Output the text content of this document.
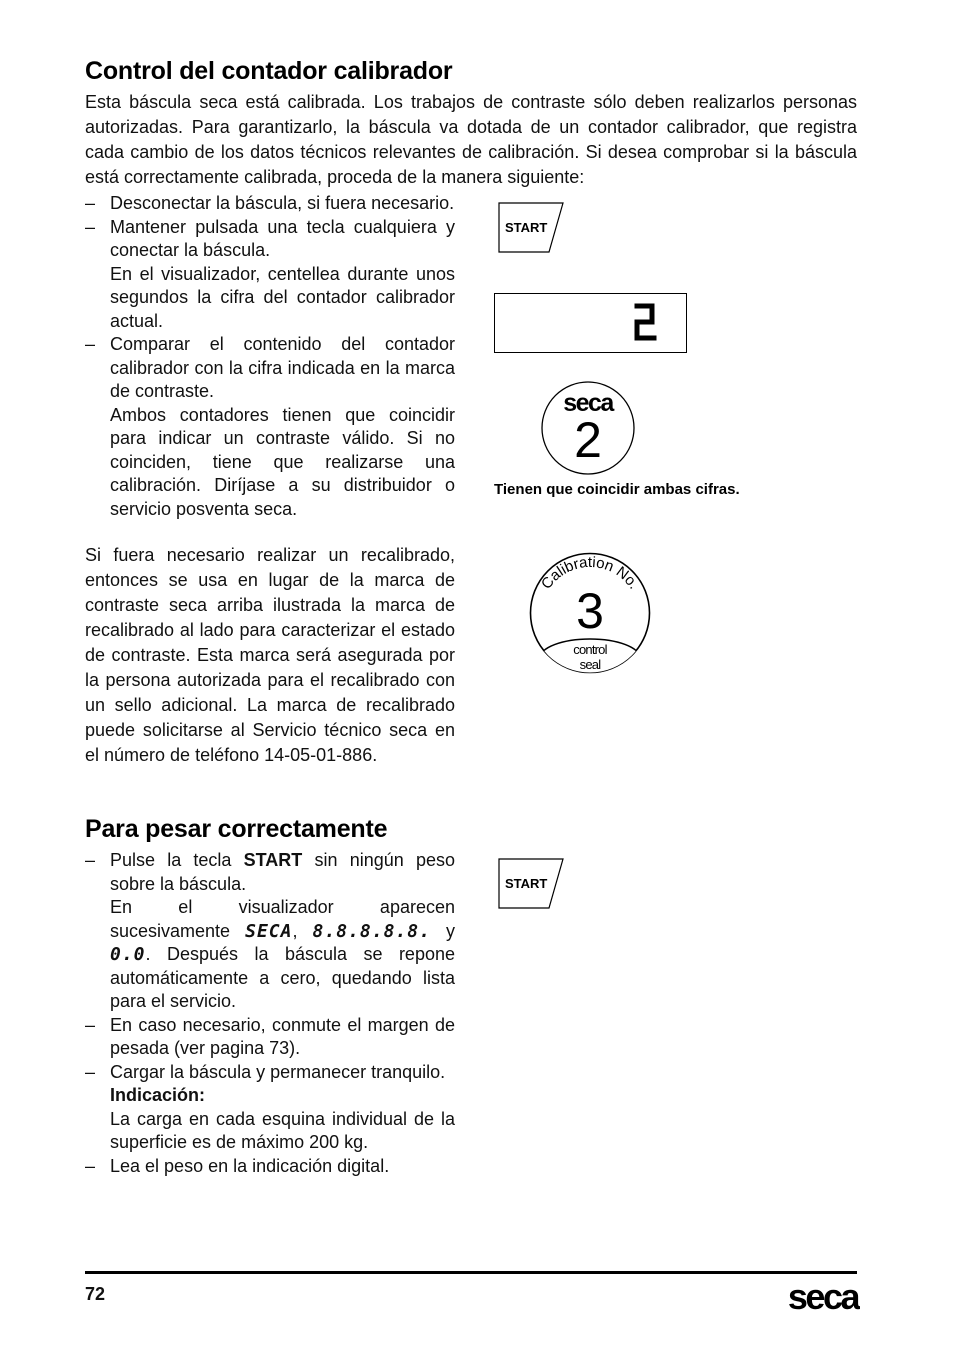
Control del contador calibrador

Esta báscula seca está calibrada. Los trabajos de contraste sólo deben realizarlos personas autorizadas. Para garantizarlo, la báscula va dotada de un contador calibrador, que registra cada cambio de los datos técnicos relevantes de calibración. Si desea comprobar si la báscula está correctamente calibrada, proceda de la manera siguiente:

– Desconectar la báscula, si fuera necesario.

– Mantener pulsada una tecla cualquiera y conectar la báscula.

En el visualizador, centellea durante unos segundos la cifra del contador calibrador actual.

– Comparar el contenido del contador calibrador con la cifra indicada en la marca de contraste.

Ambos contadores tienen que coincidir para indicar un contraste válido. Si no coinciden, tiene que realizarse una calibración. Diríjase a su distribuidor o servicio posventa seca.

Si fuera necesario realizar un recalibrado, entonces se usa en lugar de la marca de contraste seca arriba ilustrada la marca de recalibrado al lado para caracterizar el estado de contraste. Esta marca será asegurada por la persona autorizada para el recalibrado con un sello adicional. La marca de recalibrado puede solicitarse al Servicio técnico seca en el número de teléfono 14-05-01-886.

Para pesar correctamente

– Pulse la tecla START sin ningún peso sobre la báscula.

En el visualizador aparecen sucesivamente SECA, 8.8.8.8.8. y 0.0. Después la báscula se repone automáticamente a cero, quedando lista para el servicio.

– En caso necesario, conmute el margen de pesada (ver pagina 73).

– Cargar la báscula y permanecer tranquilo.

Indicación:

La carga en cada esquina individual de la superficie es de máximo 200 kg.

– Lea el peso en la indicación digital.

START
seca
2
Tienen que coincidir ambas cifras.
Calibration No.
3
control
seal
START
72	seca
